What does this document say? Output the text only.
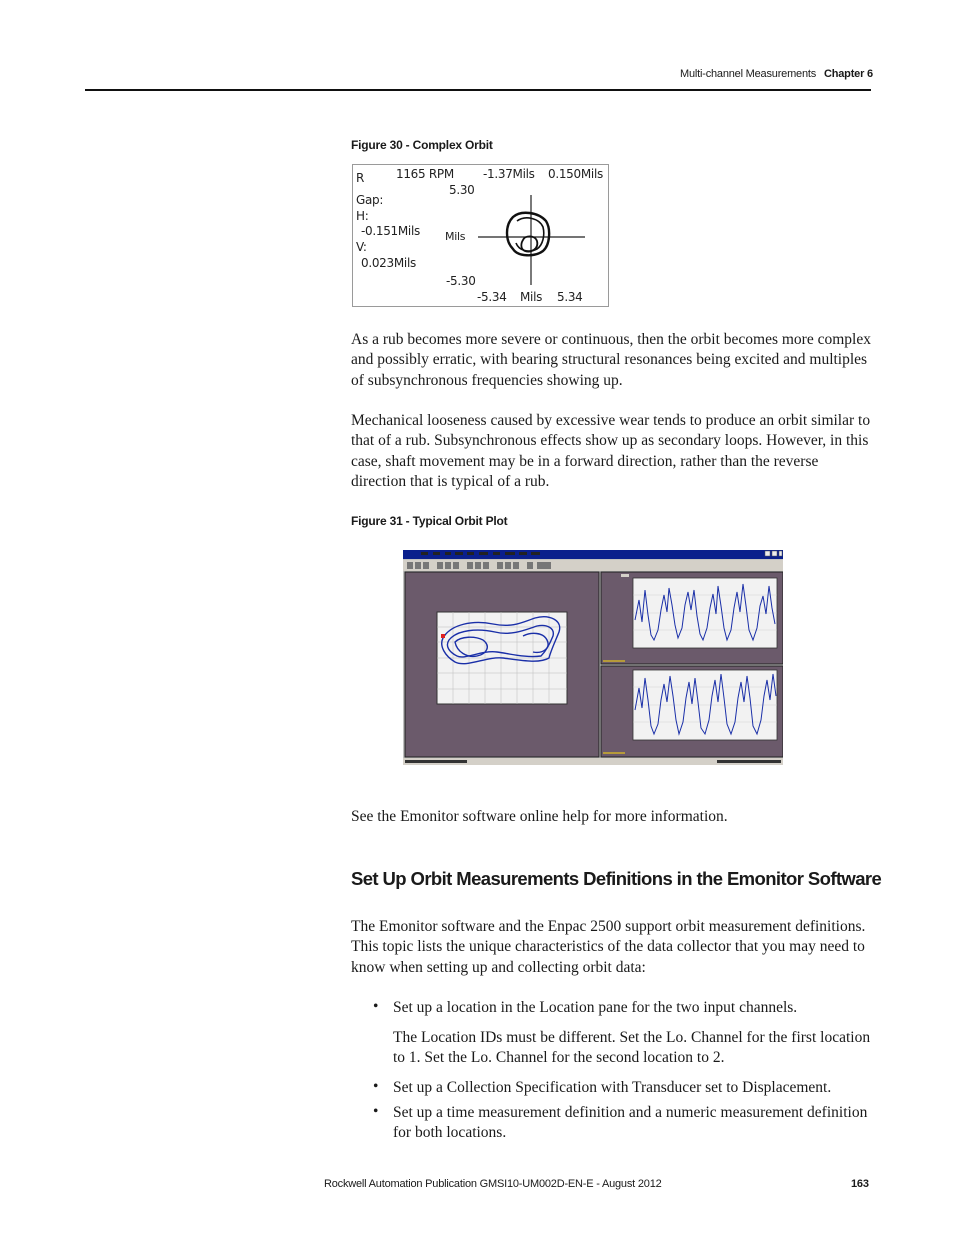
Multi-channel Measurements Chapter 6
Figure 30 - Complex Orbit
R	1165 RPM -1.37Mils 0.150Mils
5.30
Gap:
H:
-0.151Mils
V:
0.023Mils
Mils
-5.30
-5.34 Mils 5.34

As a rub becomes more severe or continuous, then the orbit becomes more complex and possibly erratic, with bearing structural resonances being excited and multiples of subsynchronous frequencies showing up.

Mechanical looseness caused by excessive wear tends to produce an orbit similar to that of a rub. Subsynchronous effects show up as secondary loops. However, in this case, shaft movement may be in a forward direction, rather than the reverse direction that is typical of a rub.

Figure 31 - Typical Orbit Plot

See the Emonitor software online help for more information.

Set Up Orbit Measurements Definitions in the Emonitor Software

The Emonitor software and the Enpac 2500 support orbit measurement definitions. This topic lists the unique characteristics of the data collector that you may need to know when setting up and collecting orbit data:

• Set up a location in the Location pane for the two input channels.

The Location IDs must be different. Set the Lo. Channel for the first location to 1. Set the Lo. Channel for the second location to 2.

• Set up a Collection Specification with Transducer set to Displacement.

• Set up a time measurement definition and a numeric measurement definition for both locations.

Rockwell Automation Publication GMSI10-UM002D-EN-E - August 2012	163
